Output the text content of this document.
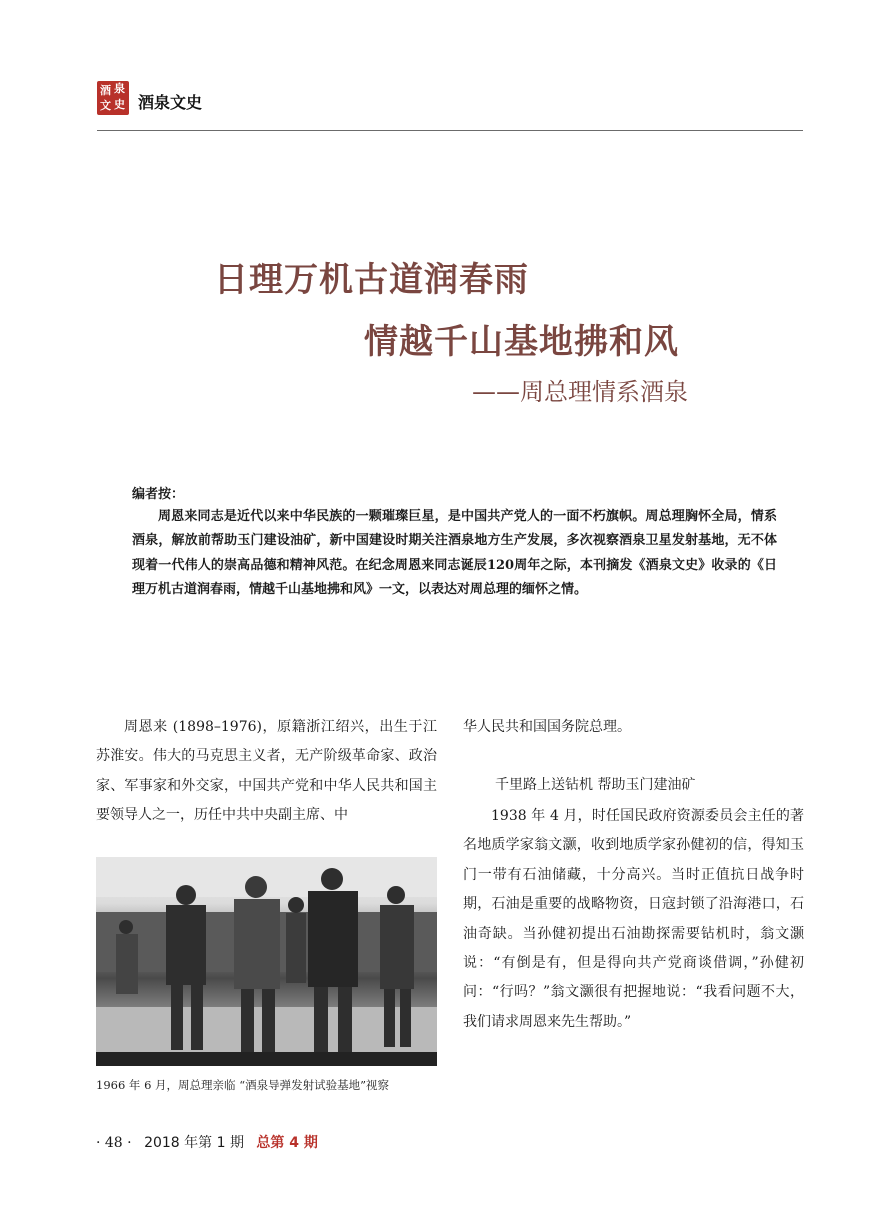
酒 泉
文 史 酒泉文史
日理万机古道润春雨
情越千山基地拂和风
——周总理情系酒泉
编者按：
周恩来同志是近代以来中华民族的一颗璀璨巨星，是中国共产党人的一面不朽旗帜。周总理胸怀全局，情系酒泉，解放前帮助玉门建设油矿，新中国建设时期关注酒泉地方生产发展，多次视察酒泉卫星发射基地，无不体现着一代伟人的崇高品德和精神风范。在纪念周恩来同志诞辰120周年之际，本刊摘发《酒泉文史》收录的《日理万机古道润春雨，情越千山基地拂和风》一文，以表达对周总理的缅怀之情。

周恩来 (1898–1976)，原籍浙江绍兴，出生于江苏淮安。伟大的马克思主义者，无产阶级革命家、政治家、军事家和外交家，中国共产党和中华人民共和国主要领导人之一，历任中共中央副主席、中

华人民共和国国务院总理。

千里路上送钻机 帮助玉门建油矿

1938 年 4 月，时任国民政府资源委员会主任的著名地质学家翁文灏，收到地质学家孙健初的信，得知玉门一带有石油储藏，十分高兴。当时正值抗日战争时期，石油是重要的战略物资，日寇封锁了沿海港口，石油奇缺。当孙健初提出石油勘探需要钻机时，翁文灏说：“有倒是有，但是得向共产党商谈借调，”孙健初问：“行吗？”翁文灏很有把握地说：“我看问题不大，我们请求周恩来先生帮助。”

1966 年 6 月，周总理亲临 “酒泉导弹发射试验基地”视察
· 48 · 2018 年第 1 期 总第 4 期
